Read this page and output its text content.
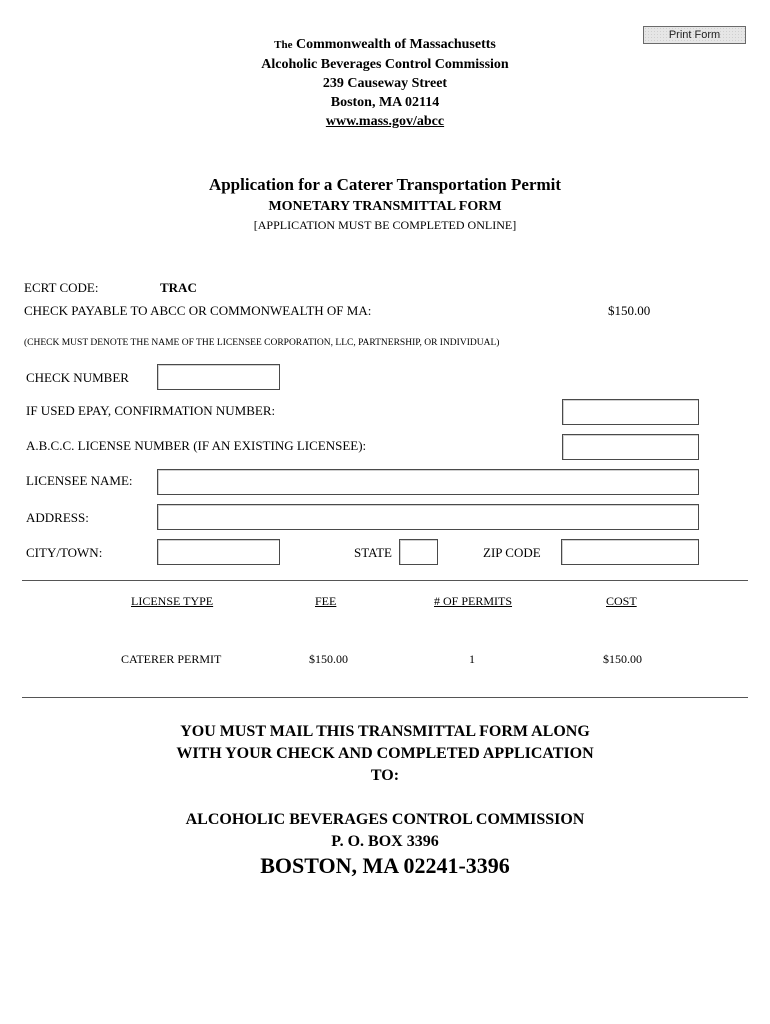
Print Form
The Commonwealth of Massachusetts
Alcoholic Beverages Control Commission
239 Causeway Street
Boston, MA 02114
www.mass.gov/abcc
Application for a Caterer Transportation Permit
MONETARY TRANSMITTAL FORM
[APPLICATION MUST BE COMPLETED ONLINE]
ECRT CODE:	TRAC
CHECK PAYABLE TO ABCC OR COMMONWEALTH OF MA:	$150.00
(CHECK MUST DENOTE THE NAME OF THE LICENSEE CORPORATION, LLC, PARTNERSHIP, OR INDIVIDUAL)
CHECK NUMBER
IF USED EPAY, CONFIRMATION NUMBER:
A.B.C.C. LICENSE NUMBER (IF AN EXISTING LICENSEE):
LICENSEE NAME:
ADDRESS:
CITY/TOWN:	STATE	ZIP CODE
LICENSE TYPE	FEE	# OF PERMITS	COST
CATERER PERMIT	$150.00	1	$150.00
YOU MUST MAIL THIS TRANSMITTAL FORM ALONG
WITH YOUR CHECK AND COMPLETED APPLICATION
TO:
ALCOHOLIC BEVERAGES CONTROL COMMISSION
P. O. BOX 3396
BOSTON, MA 02241-3396
